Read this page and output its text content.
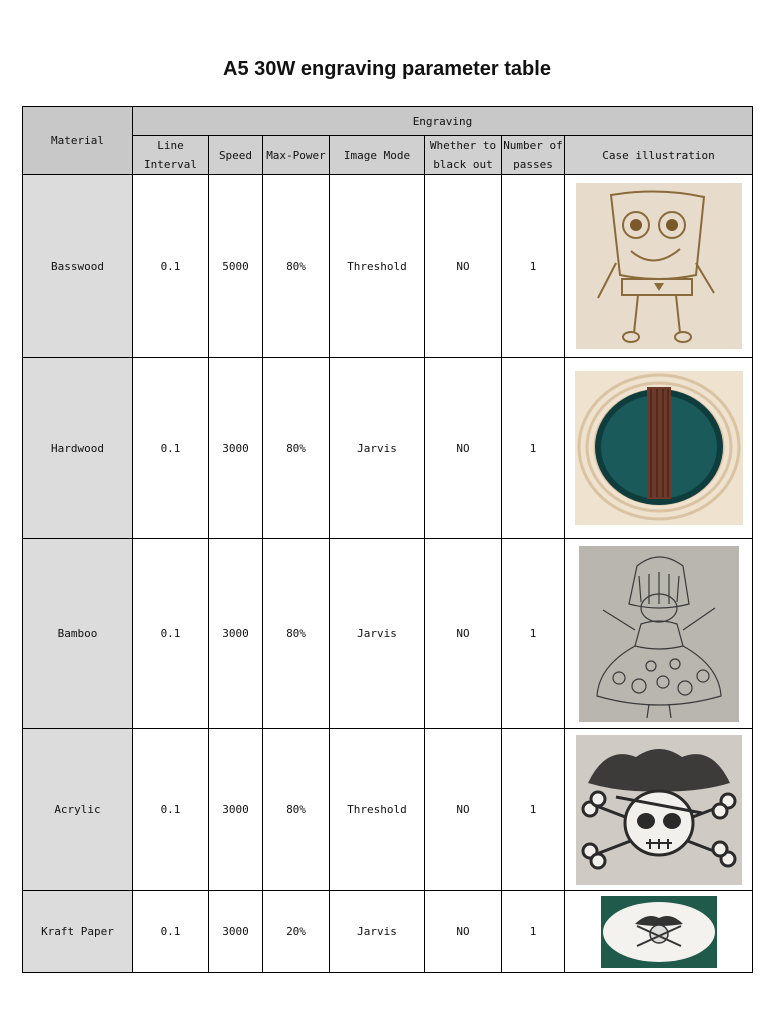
A5 30W engraving parameter table
Material	Engraving						
	Line Interval	Speed	Max-Power	Image Mode	Whether to black out	Number of passes	Case illustration
Basswood	0.1	5000	80%	Threshold	NO	1	

Hardwood	0.1	3000	80%	Jarvis	NO	1	

Bamboo	0.1	3000	80%	Jarvis	NO	1	

Acrylic	0.1	3000	80%	Threshold	NO	1	

Kraft Paper	0.1	3000	20%	Jarvis	NO	1	
